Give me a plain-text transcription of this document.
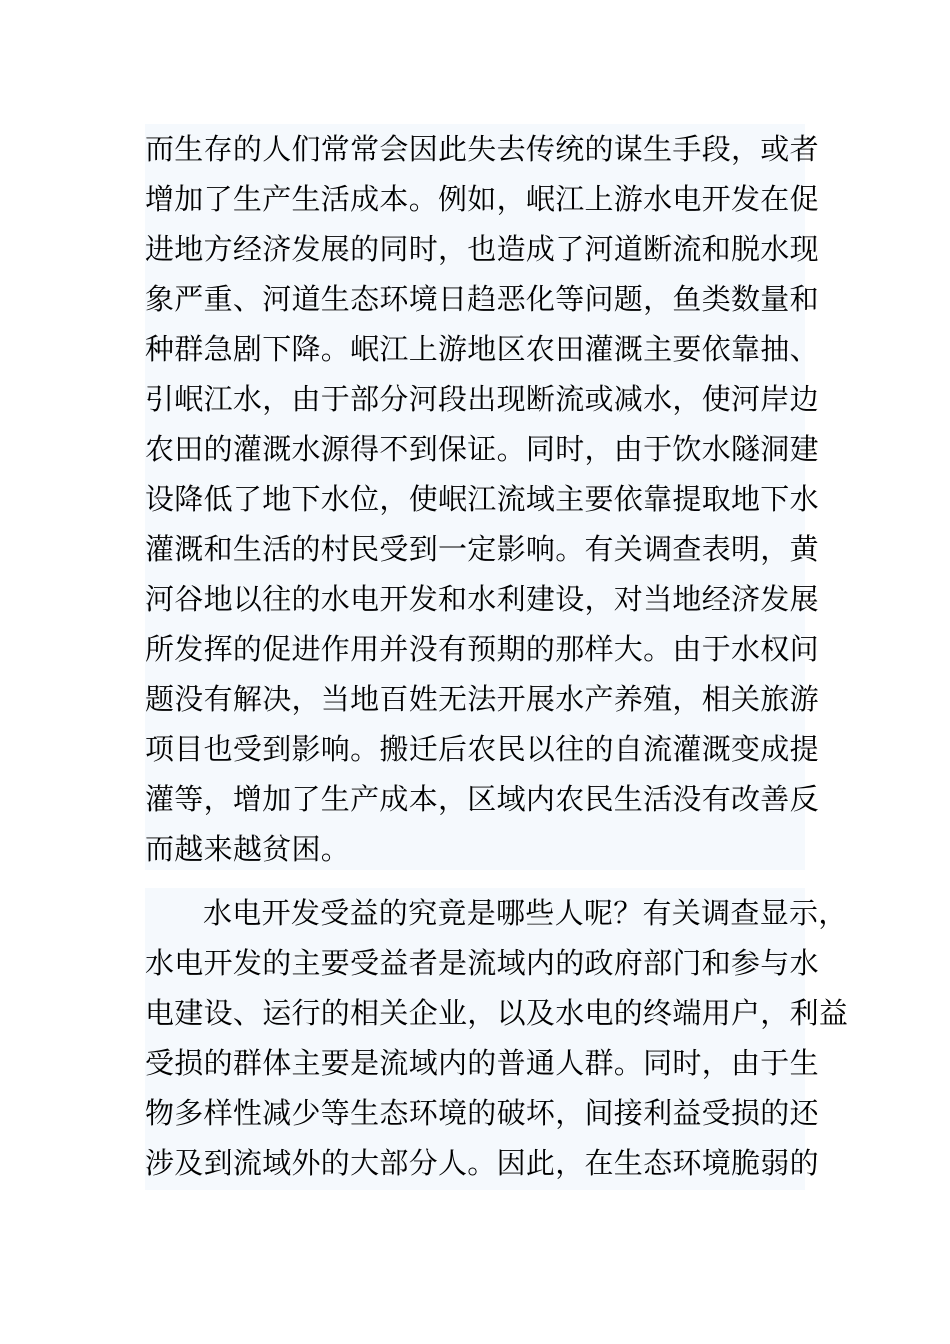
而生存的人们常常会因此失去传统的谋生手段，或者
增加了生产生活成本。例如，岷江上游水电开发在促
进地方经济发展的同时，也造成了河道断流和脱水现
象严重、河道生态环境日趋恶化等问题，鱼类数量和
种群急剧下降。岷江上游地区农田灌溉主要依靠抽、
引岷江水，由于部分河段出现断流或减水，使河岸边
农田的灌溉水源得不到保证。同时，由于饮水隧洞建
设降低了地下水位，使岷江流域主要依靠提取地下水
灌溉和生活的村民受到一定影响。有关调查表明，黄
河谷地以往的水电开发和水利建设，对当地经济发展
所发挥的促进作用并没有预期的那样大。由于水权问
题没有解决，当地百姓无法开展水产养殖，相关旅游
项目也受到影响。搬迁后农民以往的自流灌溉变成提
灌等，增加了生产成本，区域内农民生活没有改善反
而越来越贫困。
水电开发受益的究竟是哪些人呢？有关调查显示，
水电开发的主要受益者是流域内的政府部门和参与水
电建设、运行的相关企业，以及水电的终端用户，利益
受损的群体主要是流域内的普通人群。同时，由于生
物多样性减少等生态环境的破坏，间接利益受损的还
涉及到流域外的大部分人。因此，在生态环境脆弱的
